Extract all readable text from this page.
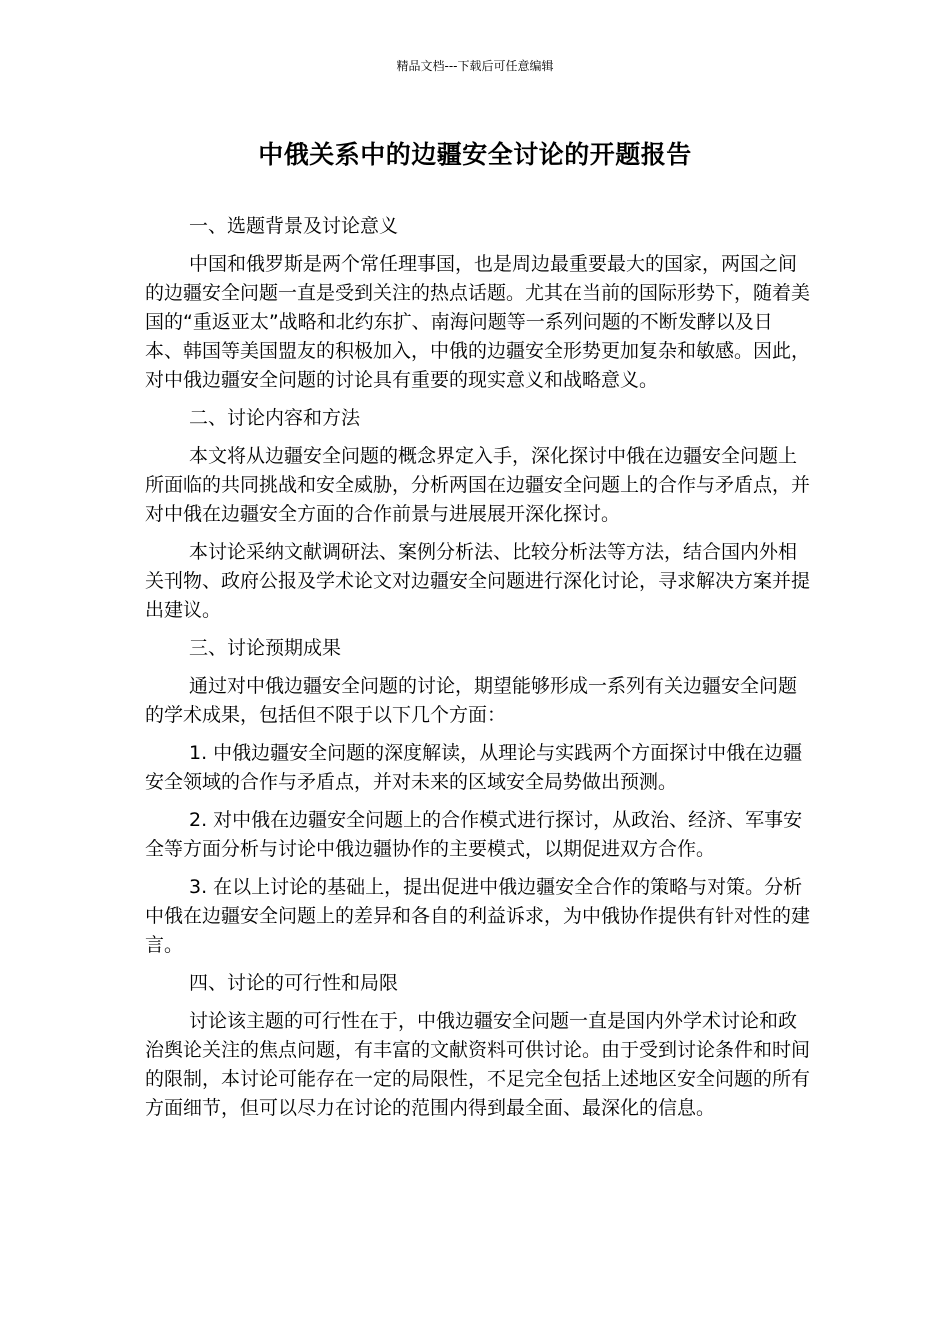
精品文档---下载后可任意编辑
中俄关系中的边疆安全讨论的开题报告

一、选题背景及讨论意义

中国和俄罗斯是两个常任理事国，也是周边最重要最大的国家，两国之间的边疆安全问题一直是受到关注的热点话题。尤其在当前的国际形势下，随着美国的“重返亚太”战略和北约东扩、南海问题等一系列问题的不断发酵以及日本、韩国等美国盟友的积极加入，中俄的边疆安全形势更加复杂和敏感。因此，对中俄边疆安全问题的讨论具有重要的现实意义和战略意义。

二、讨论内容和方法

本文将从边疆安全问题的概念界定入手，深化探讨中俄在边疆安全问题上所面临的共同挑战和安全威胁，分析两国在边疆安全问题上的合作与矛盾点，并对中俄在边疆安全方面的合作前景与进展展开深化探讨。

本讨论采纳文献调研法、案例分析法、比较分析法等方法，结合国内外相关刊物、政府公报及学术论文对边疆安全问题进行深化讨论，寻求解决方案并提出建议。

三、讨论预期成果

通过对中俄边疆安全问题的讨论，期望能够形成一系列有关边疆安全问题的学术成果，包括但不限于以下几个方面：

1. 中俄边疆安全问题的深度解读，从理论与实践两个方面探讨中俄在边疆安全领域的合作与矛盾点，并对未来的区域安全局势做出预测。

2. 对中俄在边疆安全问题上的合作模式进行探讨，从政治、经济、军事安全等方面分析与讨论中俄边疆协作的主要模式，以期促进双方合作。

3. 在以上讨论的基础上，提出促进中俄边疆安全合作的策略与对策。分析中俄在边疆安全问题上的差异和各自的利益诉求，为中俄协作提供有针对性的建言。

四、讨论的可行性和局限

讨论该主题的可行性在于，中俄边疆安全问题一直是国内外学术讨论和政治舆论关注的焦点问题，有丰富的文献资料可供讨论。由于受到讨论条件和时间的限制，本讨论可能存在一定的局限性，不足完全包括上述地区安全问题的所有方面细节，但可以尽力在讨论的范围内得到最全面、最深化的信息。
